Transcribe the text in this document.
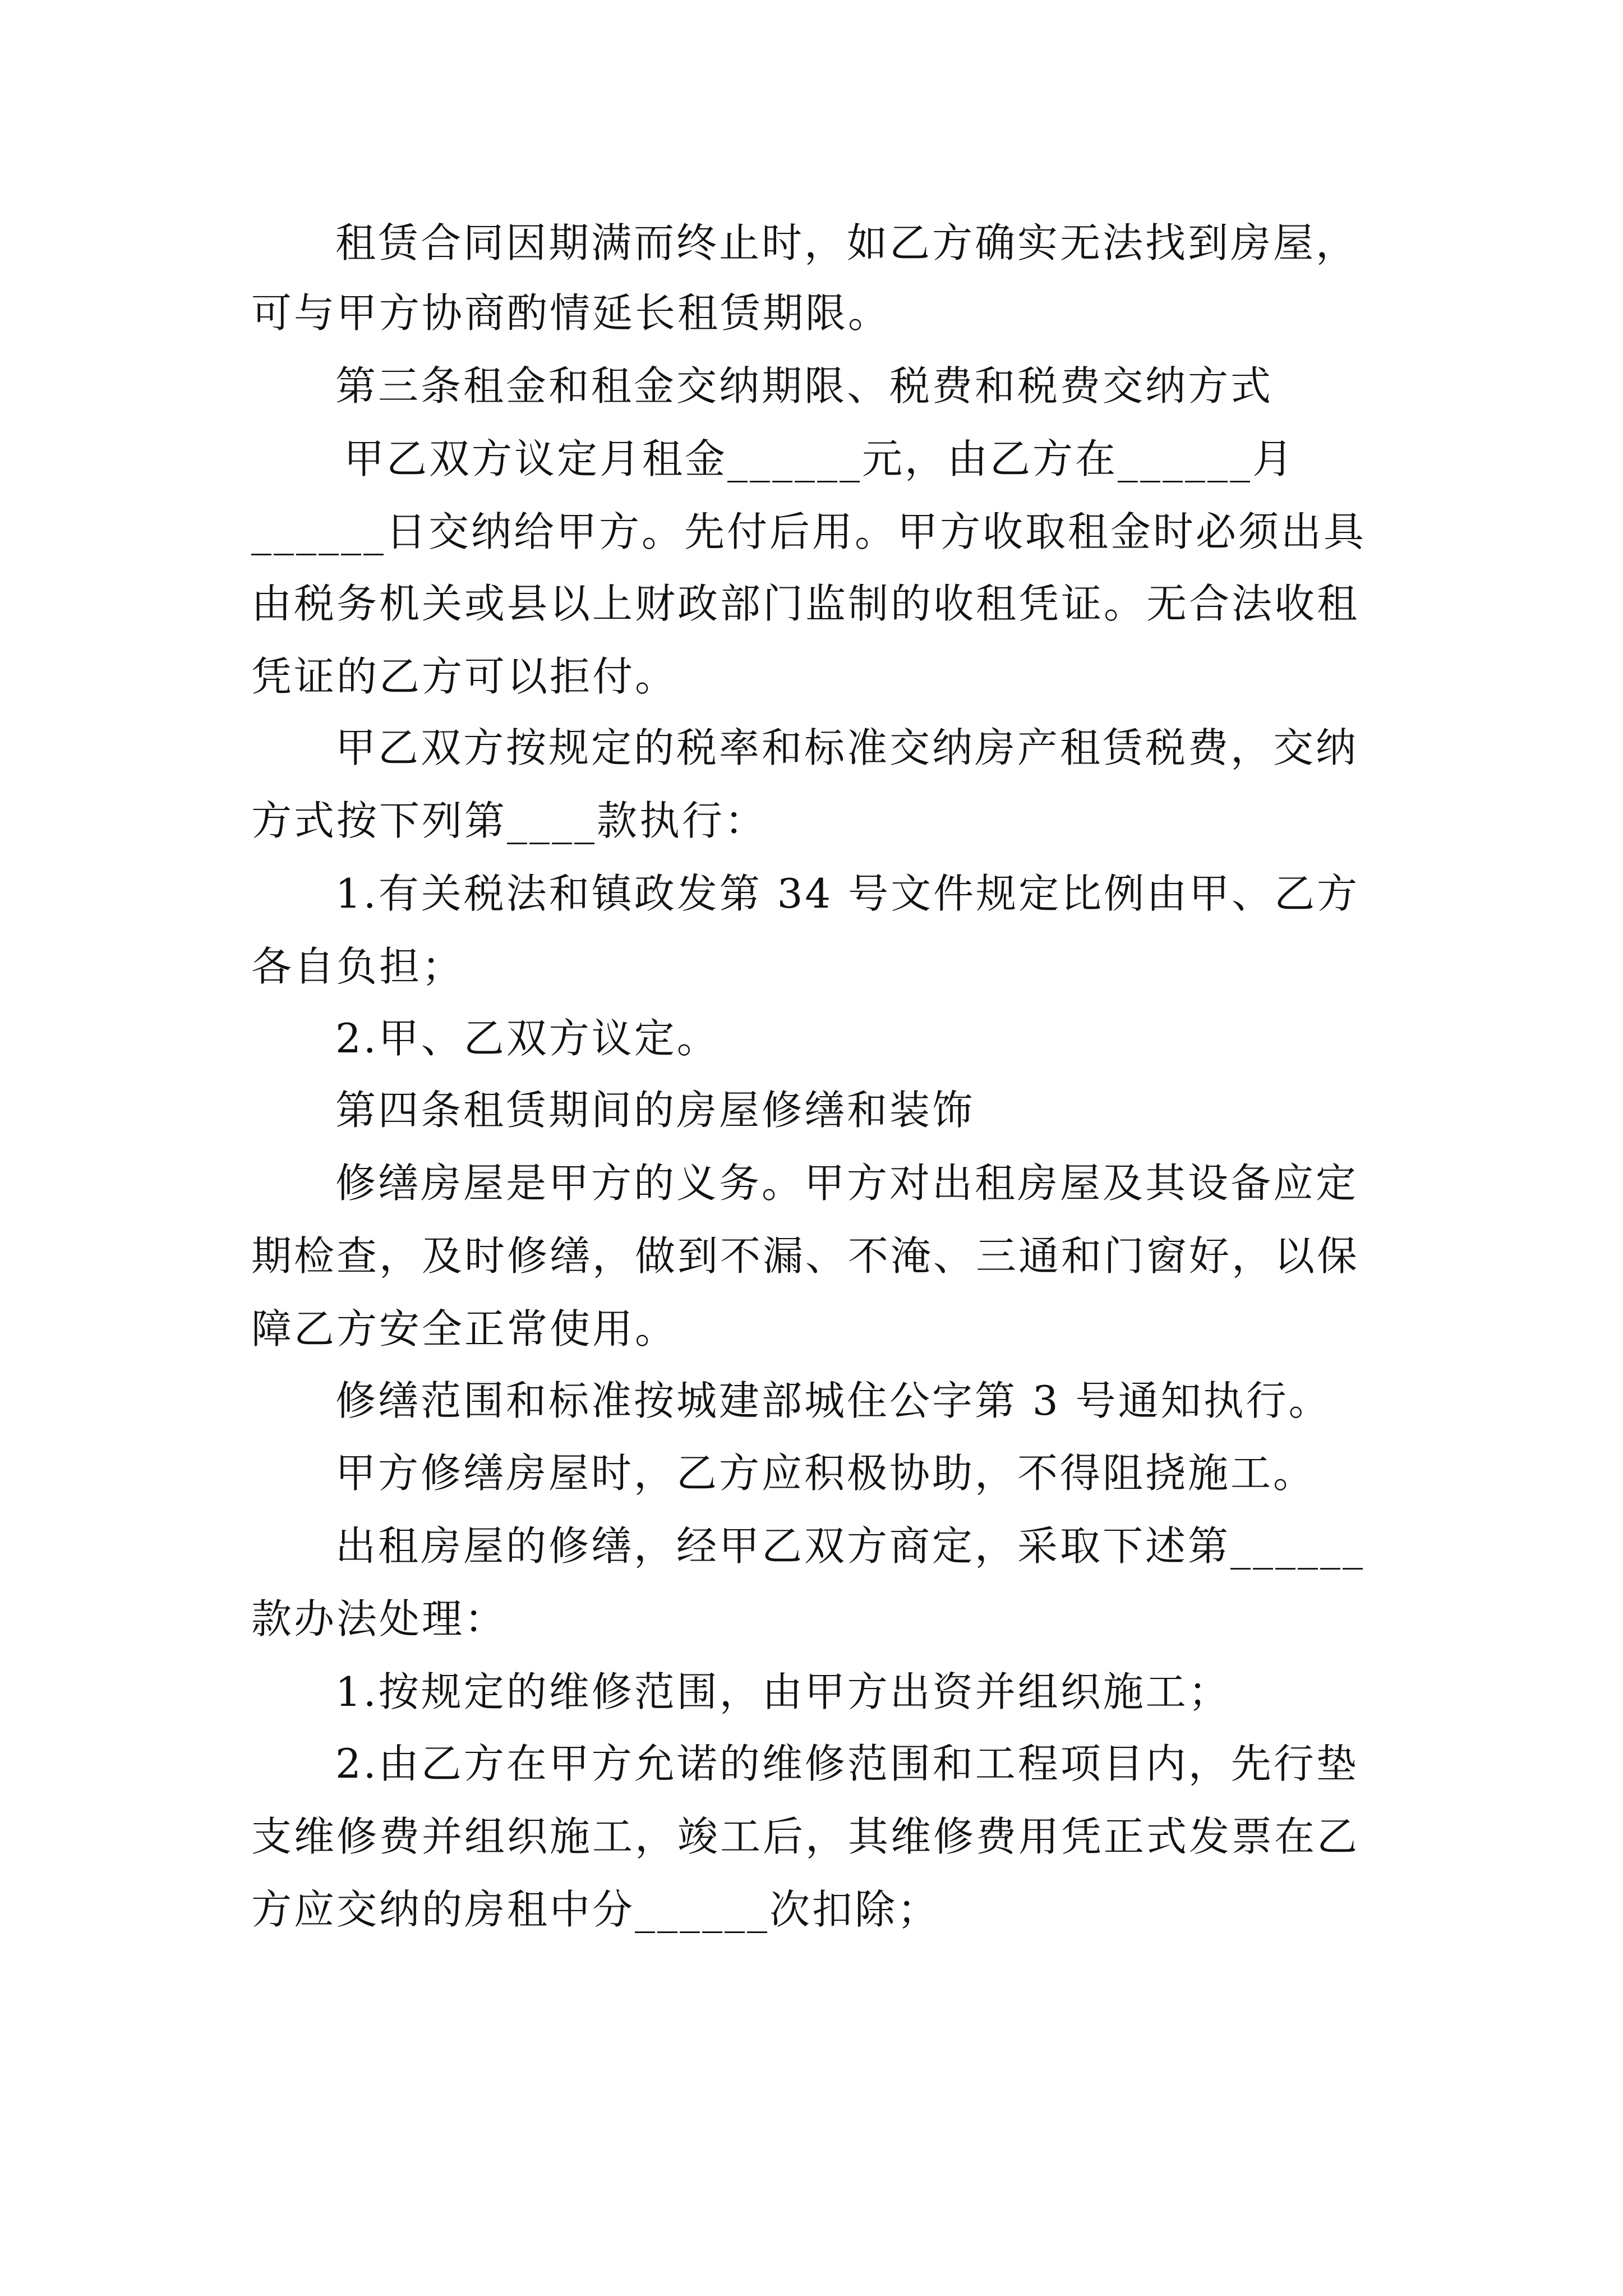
租赁合同因期满而终止时，如乙方确实无法找到房屋，
可与甲方协商酌情延长租赁期限。
第三条租金和租金交纳期限、税费和税费交纳方式
甲乙双方议定月租金______元，由乙方在______月
______日交纳给甲方。先付后用。甲方收取租金时必须出具
由税务机关或县以上财政部门监制的收租凭证。无合法收租
凭证的乙方可以拒付。
甲乙双方按规定的税率和标准交纳房产租赁税费，交纳
方式按下列第____款执行：
1.有关税法和镇政发第 34 号文件规定比例由甲、乙方
各自负担；
2.甲、乙双方议定。
第四条租赁期间的房屋修缮和装饰
修缮房屋是甲方的义务。甲方对出租房屋及其设备应定
期检查，及时修缮，做到不漏、不淹、三通和门窗好，以保
障乙方安全正常使用。
修缮范围和标准按城建部城住公字第 3 号通知执行。
甲方修缮房屋时，乙方应积极协助，不得阻挠施工。
出租房屋的修缮，经甲乙双方商定，采取下述第______
款办法处理：
1.按规定的维修范围，由甲方出资并组织施工；
2.由乙方在甲方允诺的维修范围和工程项目内，先行垫
支维修费并组织施工，竣工后，其维修费用凭正式发票在乙
方应交纳的房租中分______次扣除；
